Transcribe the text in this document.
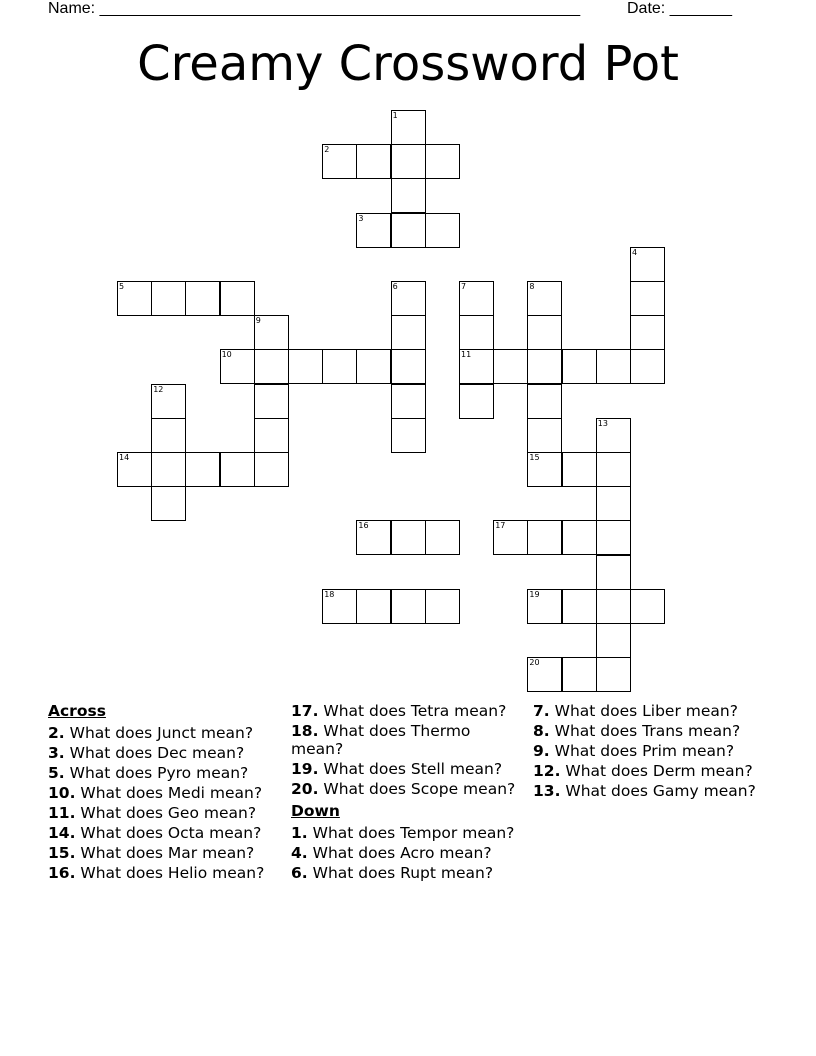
Name: ______________________________________________________	Date: _______
Creamy Crossword Pot
1
2
3
4
5	6	7	8
9
10	11
12
13
14	15
16	17
18	19
20
Across
2. What does Junct mean?
3. What does Dec mean?
5. What does Pyro mean?
10. What does Medi mean?
11. What does Geo mean?
14. What does Octa mean?
15. What does Mar mean?
16. What does Helio mean?
17. What does Tetra mean?
18. What does Thermo mean?
19. What does Stell mean?
20. What does Scope mean?
Down
1. What does Tempor mean?
4. What does Acro mean?
6. What does Rupt mean?
7. What does Liber mean?
8. What does Trans mean?
9. What does Prim mean?
12. What does Derm mean?
13. What does Gamy mean?
